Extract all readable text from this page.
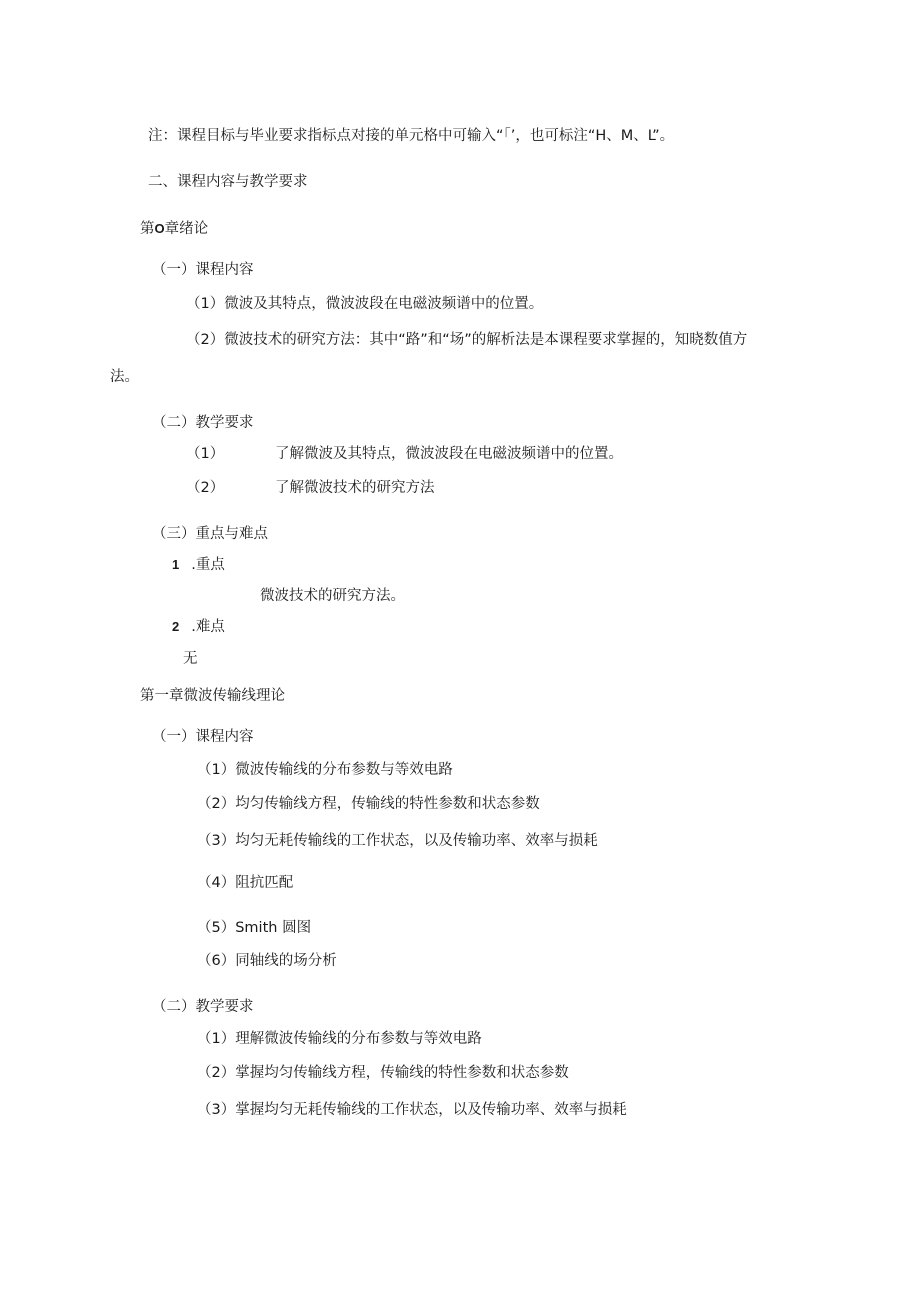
注：课程目标与毕业要求指标点对接的单元格中可输入“「’，也可标注“H、M、L”。
二、课程内容与教学要求
第O章绪论
（一）课程内容
（1）微波及其特点，微波波段在电磁波频谱中的位置。
（2）微波技术的研究方法：其中“路”和“场”的解析法是本课程要求掌握的，知晓数值方
法。
（二）教学要求
（1）	了解微波及其特点，微波波段在电磁波频谱中的位置。
（2）	了解微波技术的研究方法
（三）重点与难点
1 .重点
微波技术的研究方法。
2 .难点
无
第一章微波传输线理论
（一）课程内容
（1）微波传输线的分布参数与等效电路
（2）均匀传输线方程，传输线的特性参数和状态参数
（3）均匀无耗传输线的工作状态，以及传输功率、效率与损耗
（4）阻抗匹配
（5）Smith 圆图
（6）同轴线的场分析
（二）教学要求
（1）理解微波传输线的分布参数与等效电路
（2）掌握均匀传输线方程，传输线的特性参数和状态参数
（3）掌握均匀无耗传输线的工作状态，以及传输功率、效率与损耗
